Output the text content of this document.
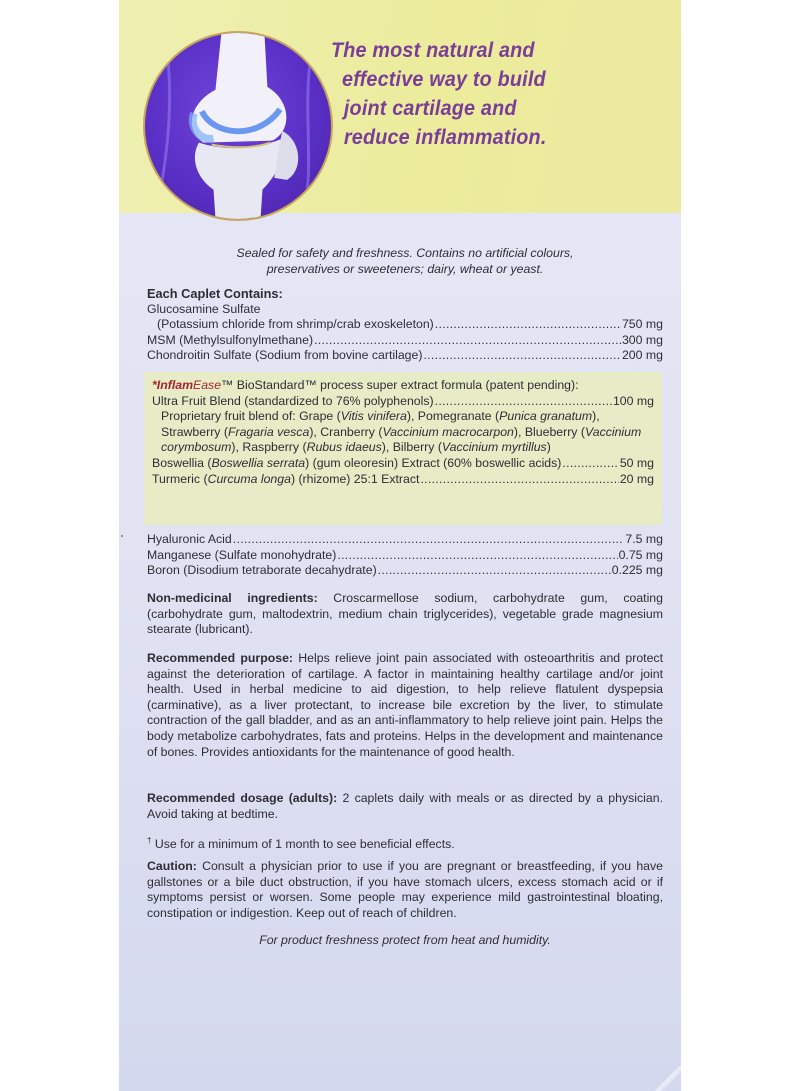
The most natural and
effective way to build
joint cartilage and
reduce inflammation.
Sealed for safety and freshness. Contains no artificial colours,
preservatives or sweeteners; dairy, wheat or yeast.
Each Caplet Contains:
Glucosamine Sulfate
(Potassium chloride from shrimp/crab exoskeleton) .....	750 mg
MSM (Methylsulfonylmethane) .....	300 mg
Chondroitin Sulfate (Sodium from bovine cartilage) .....	200 mg
*InflamEase™ BioStandard™ process super extract formula (patent pending):
Ultra Fruit Blend (standardized to 76% polyphenols) .....	100 mg
Proprietary fruit blend of: Grape (Vitis vinifera), Pomegranate (Punica granatum), Strawberry (Fragaria vesca), Cranberry (Vaccinium macrocarpon), Blueberry (Vaccinium corymbosum), Raspberry (Rubus idaeus), Bilberry (Vaccinium myrtillus)
Boswellia (Boswellia serrata) (gum oleoresin) Extract (60% boswellic acids) .....	50 mg
Turmeric (Curcuma longa) (rhizome) 25:1 Extract .....	20 mg
Hyaluronic Acid .....	7.5 mg
Manganese (Sulfate monohydrate) .....	0.75 mg
Boron (Disodium tetraborate decahydrate) .....	0.225 mg
Non-medicinal ingredients: Croscarmellose sodium, carbohydrate gum, coating (carbohydrate gum, maltodextrin, medium chain triglycerides), vegetable grade magnesium stearate (lubricant).
Recommended purpose: Helps relieve joint pain associated with osteoarthritis and protect against the deterioration of cartilage. A factor in maintaining healthy cartilage and/or joint health. Used in herbal medicine to aid digestion, to help relieve flatulent dyspepsia (carminative), as a liver protectant, to increase bile excretion by the liver, to stimulate contraction of the gall bladder, and as an anti-inflammatory to help relieve joint pain. Helps the body metabolize carbohydrates, fats and proteins. Helps in the development and maintenance of bones. Provides antioxidants for the maintenance of good health.
Recommended dosage (adults): 2 caplets daily with meals or as directed by a physician. Avoid taking at bedtime.
† Use for a minimum of 1 month to see beneficial effects.
Caution: Consult a physician prior to use if you are pregnant or breastfeeding, if you have gallstones or a bile duct obstruction, if you have stomach ulcers, excess stomach acid or if symptoms persist or worsen. Some people may experience mild gastrointestinal bloating, constipation or indigestion. Keep out of reach of children.
For product freshness protect from heat and humidity.
